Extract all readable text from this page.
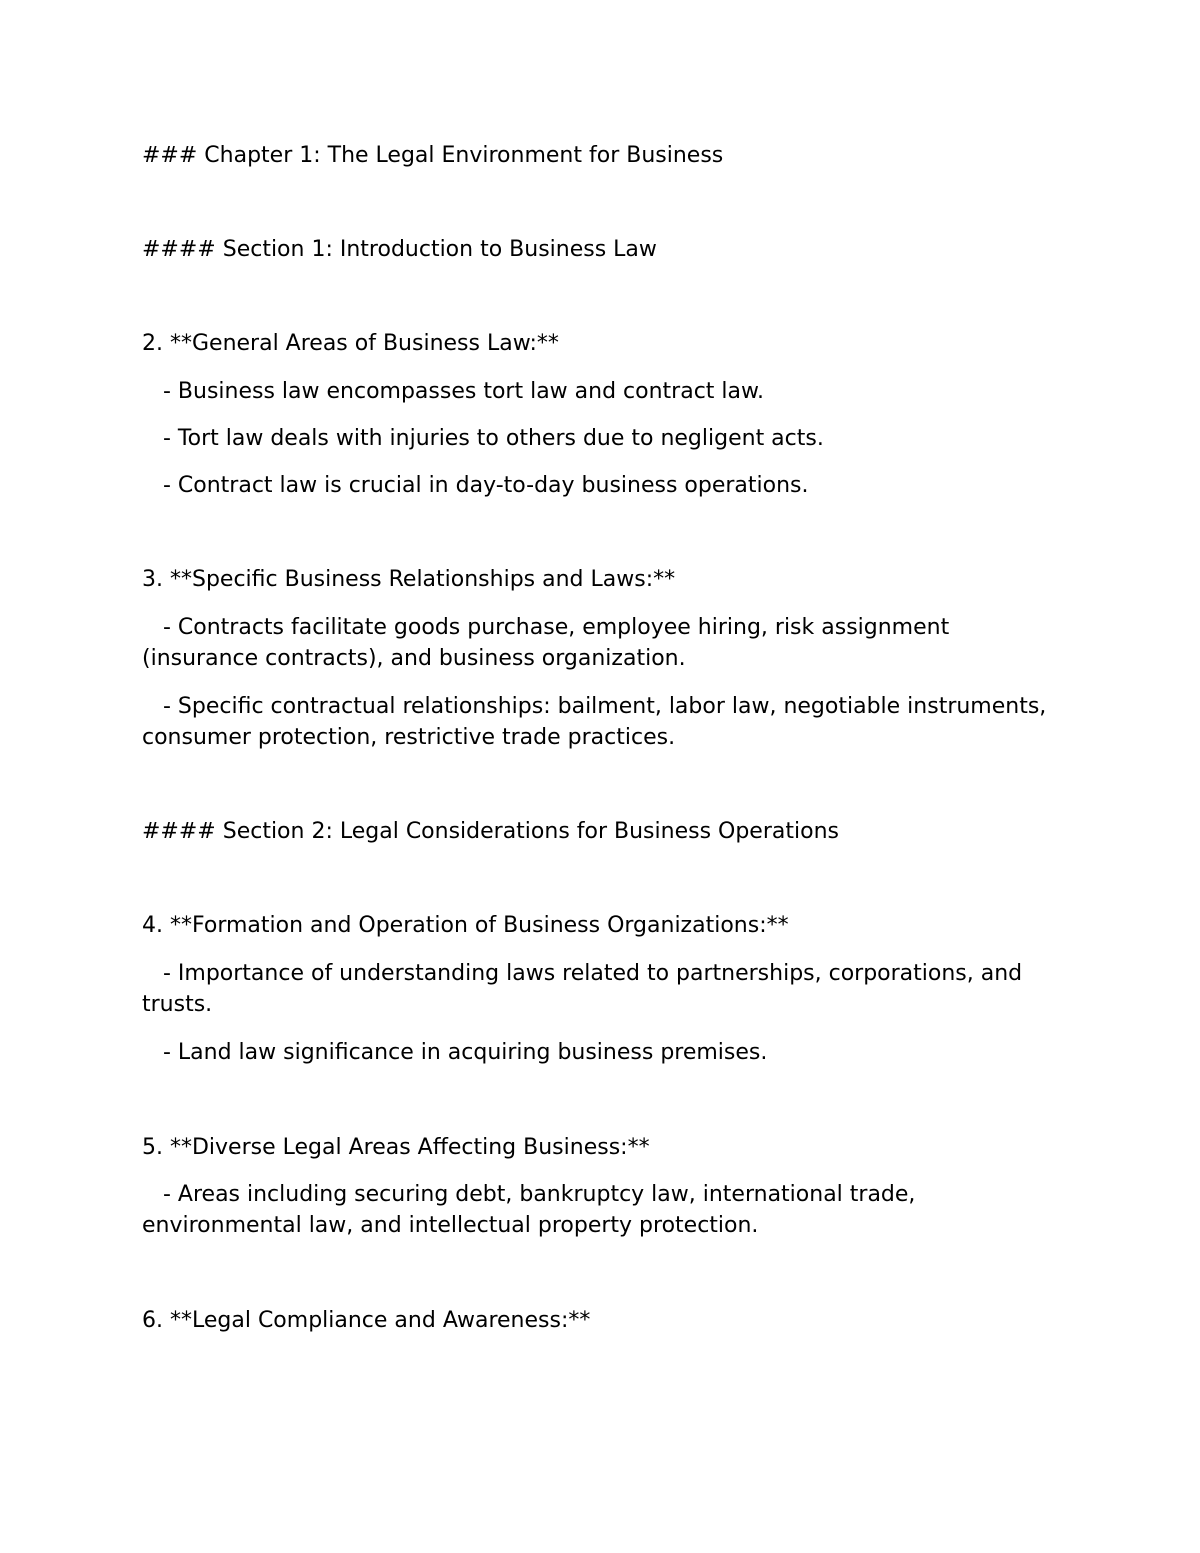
### Chapter 1: The Legal Environment for Business

#### Section 1: Introduction to Business Law

2. **General Areas of Business Law:**

- Business law encompasses tort law and contract law.

- Tort law deals with injuries to others due to negligent acts.

- Contract law is crucial in day-to-day business operations.

3. **Specific Business Relationships and Laws:**

- Contracts facilitate goods purchase, employee hiring, risk assignment (insurance contracts), and business organization.

- Specific contractual relationships: bailment, labor law, negotiable instruments, consumer protection, restrictive trade practices.

#### Section 2: Legal Considerations for Business Operations

4. **Formation and Operation of Business Organizations:**

- Importance of understanding laws related to partnerships, corporations, and trusts.

- Land law significance in acquiring business premises.

5. **Diverse Legal Areas Affecting Business:**

- Areas including securing debt, bankruptcy law, international trade, environmental law, and intellectual property protection.

6. **Legal Compliance and Awareness:**
